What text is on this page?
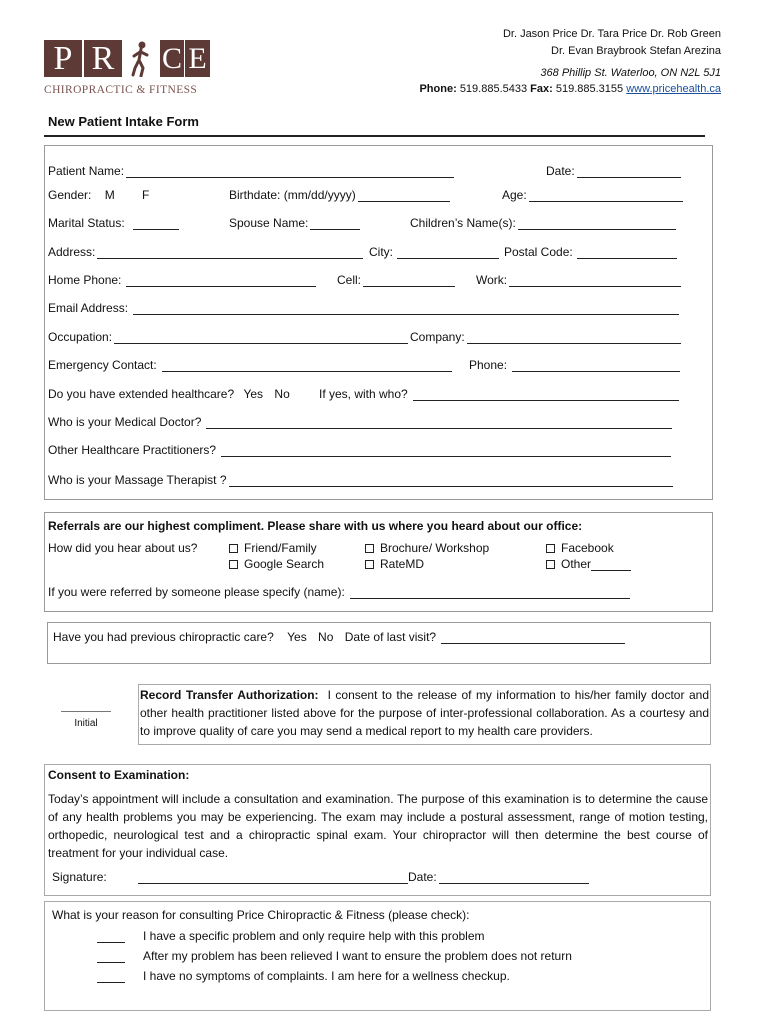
P R C E
CHIROPRACTIC & FITNESS
Dr. Jason Price Dr. Tara Price Dr. Rob Green
Dr. Evan Braybrook Stefan Arezina
368 Phillip St. Waterloo, ON N2L 5J1
Phone: 519.885.5433 Fax: 519.885.3155 www.pricehealth.ca
New Patient Intake Form
Patient Name:	Date:
Gender: M F	Birthdate: (mm/dd/yyyy)	Age:
Marital Status:	Spouse Name:	Children’s Name(s):
Address:	City:	Postal Code:
Home Phone:	Cell:	Work:
Email Address:
Occupation:	Company:
Emergency Contact:	Phone:
Do you have extended healthcare? Yes No If yes, with who?
Who is your Medical Doctor?
Other Healthcare Practitioners?
Who is your Massage Therapist ?
Referrals are our highest compliment. Please share with us where you heard about our office:
How did you hear about us?	Friend/Family	Brochure/ Workshop	Facebook
Google Search	RateMD	Other
If you were referred by someone please specify (name):
Have you had previous chiropractic care? Yes No Date of last visit?
Initial
Record Transfer Authorization: I consent to the release of my information to his/her family doctor and other health practitioner listed above for the purpose of inter-professional collaboration. As a courtesy and to improve quality of care you may send a medical report to my health care providers.
Consent to Examination:
Today’s appointment will include a consultation and examination. The purpose of this examination is to determine the cause of any health problems you may be experiencing. The exam may include a postural assessment, range of motion testing, orthopedic, neurological test and a chiropractic spinal exam. Your chiropractor will then determine the best course of treatment for your individual case.
Signature:	Date:
What is your reason for consulting Price Chiropractic & Fitness (please check):
I have a specific problem and only require help with this problem
After my problem has been relieved I want to ensure the problem does not return
I have no symptoms of complaints. I am here for a wellness checkup.
